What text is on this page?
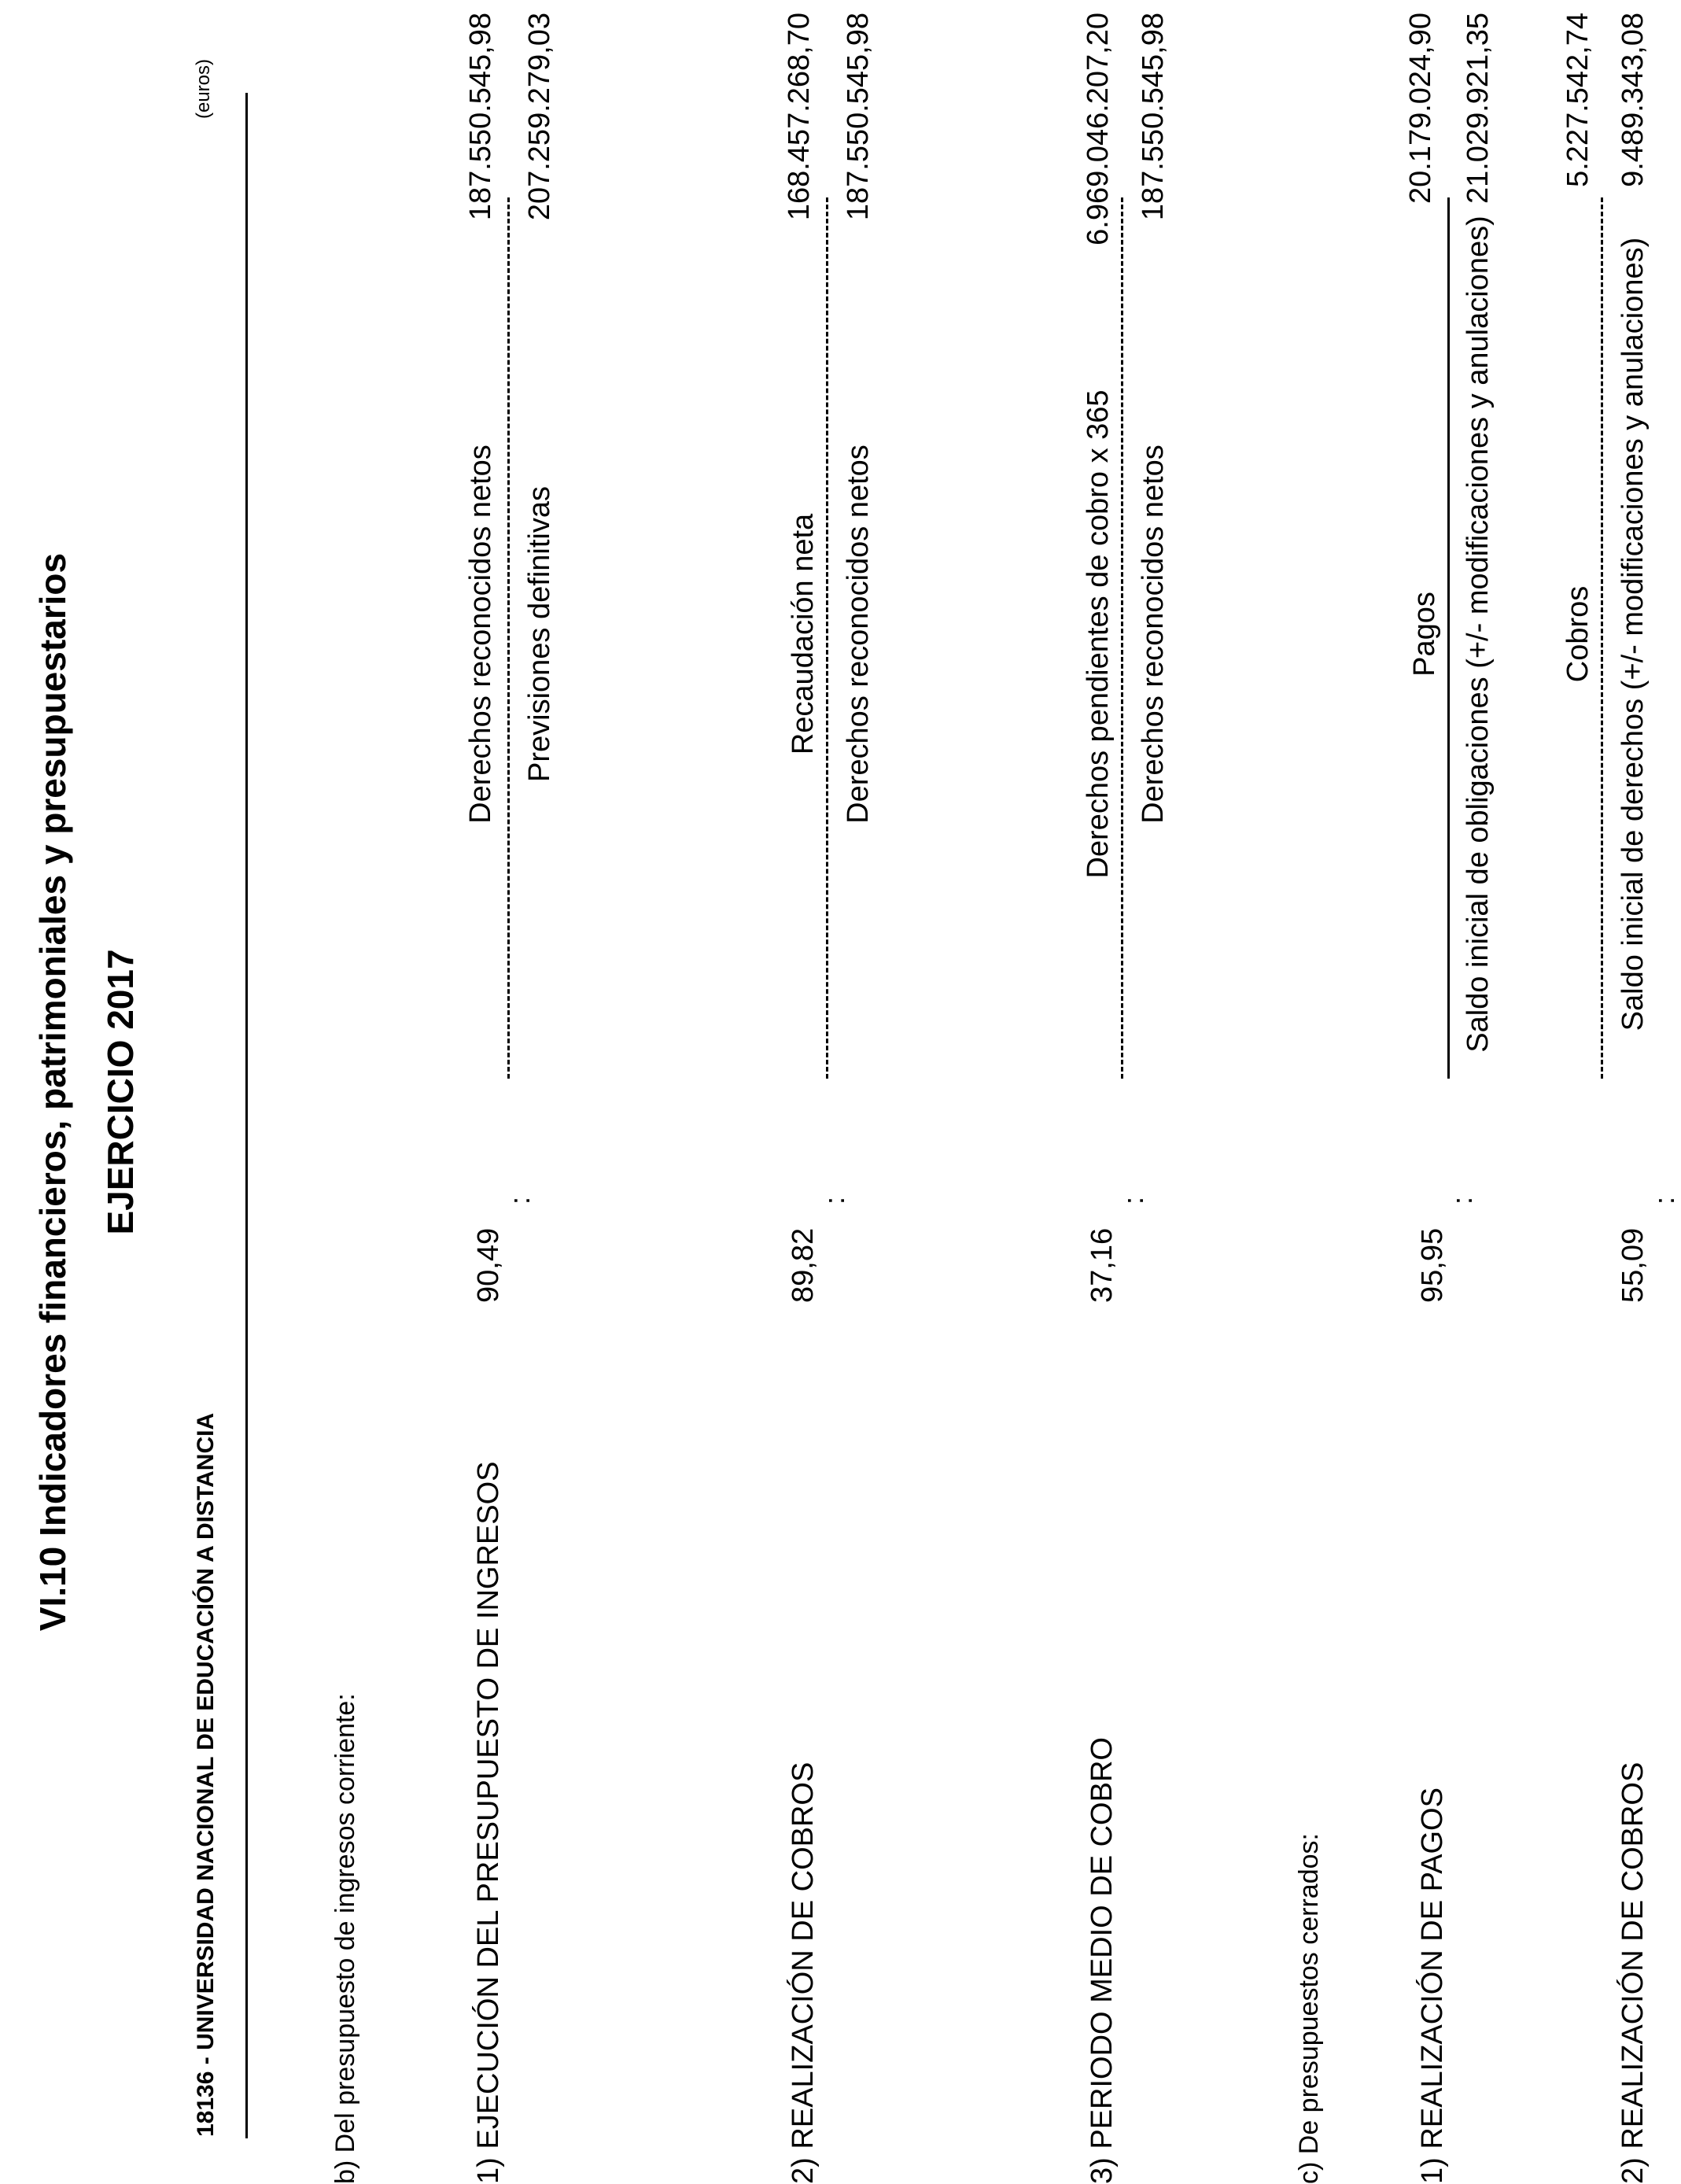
VI.10 Indicadores financieros, patrimoniales y presupuestarios EJERCICIO 2017
18136 - UNIVERSIDAD NACIONAL DE EDUCACIÓN A DISTANCIA
(euros)
b) Del presupuesto de ingresos corriente:	1) EJECUCIÓN DEL PRESUPUESTO DE INGRESOS
90,49
:
Derechos reconocidos netos Previsiones definitivas
187.550.545,98 207.259.279,03
2) REALIZACIÓN DE COBROS
89,82
:
Recaudación neta Derechos reconocidos netos
168.457.268,70 187.550.545,98
3) PERIODO MEDIO DE COBRO
37,16
:
Derechos pendientes de cobro x 365 Derechos reconocidos netos
6.969.046.207,20 187.550.545,98
c) De presupuestos cerrados:	1) REALIZACIÓN DE PAGOS
95,95
:
Pagos Saldo inicial de obligaciones (+/- modificaciones y anulaciones)
20.179.024,90 21.029.921,35
2) REALIZACIÓN DE COBROS
55,09
:
Cobros Saldo inicial de derechos (+/- modificaciones y anulaciones)
5.227.542,74 9.489.343,08
